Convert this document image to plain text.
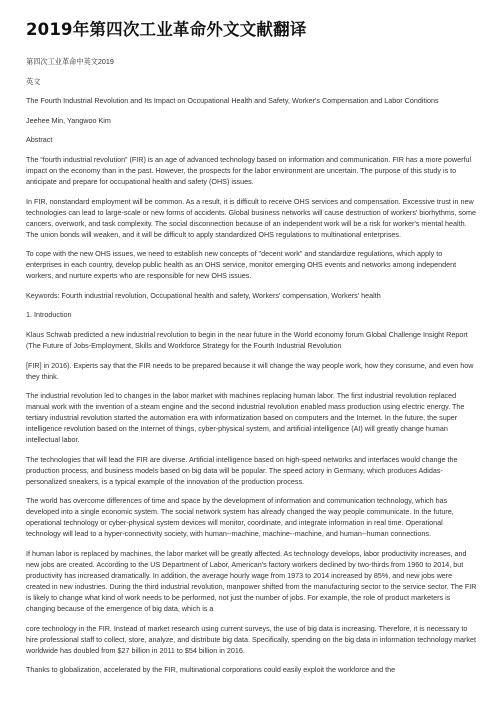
2019年第四次工业革命外文文献翻译

第四次工业革命中英文2019

英文

The Fourth Industrial Revolution and Its Impact on Occupational Health and Safety, Worker's Compensation and Labor Conditions

Jeehee Min, Yangwoo Kim

Abstract

The “fourth industrial revolution” (FIR) is an age of advanced technology based on information and communication. FIR has a more powerful impact on the economy than in the past. However, the prospects for the labor environment are uncertain. The purpose of this study is to anticipate and prepare for occupational health and safety (OHS) issues.

In FIR, nonstandard employment will be common. As a result, it is difficult to receive OHS services and compensation. Excessive trust in new technologies can lead to large-scale or new forms of accidents. Global business networks will cause destruction of workers' biorhythms, some cancers, overwork, and task complexity. The social disconnection because of an independent work will be a risk for worker's mental health. The union bonds will weaken, and it will be difficult to apply standardized OHS regulations to multinational enterprises.

To cope with the new OHS issues, we need to establish new concepts of "decent work" and standardize regulations, which apply to enterprises in each country, develop public health as an OHS service, monitor emerging OHS events and networks among independent workers, and nurture experts who are responsible for new OHS issues.

Keywords: Fourth industrial revolution, Occupational health and safety, Workers' compensation, Workers' health

1. Introduction

Klaus Schwab predicted a new industrial revolution to begin in the near future in the World economy forum Global Challenge Insight Report (The Future of Jobs-Employment, Skills and Workforce Strategy for the Fourth Industrial Revolution

[FIR] in 2016). Experts say that the FIR needs to be prepared because it will change the way people work, how they consume, and even how they think.

The industrial revolution led to changes in the labor market with machines replacing human labor. The first industrial revolution replaced manual work with the invention of a steam engine and the second industrial revolution enabled mass production using electric energy. The tertiary industrial revolution started the automation era with informatization based on computers and the Internet. In the future, the super intelligence revolution based on the Internet of things, cyber-physical system, and artificial intelligence (AI) will greatly change human intellectual labor.

The technologies that will lead the FIR are diverse. Artificial intelligence based on high-speed networks and interfaces would change the production process, and business models based on big data will be popular. The speed actory in Germany, which produces Adidas-personalized sneakers, is a typical example of the innovation of the production process.

The world has overcome differences of time and space by the development of information and communication technology, which has developed into a single economic system. The social network system has already changed the way people communicate. In the future, operational technology or cyber-physical system devices will monitor, coordinate, and integrate information in real time. Operational technology will lead to a hyper-connectivity society, with human--machine, machine--machine, and human--human connections.

If human labor is replaced by machines, the labor market will be greatly affected. As technology develops, labor productivity increases, and new jobs are created. According to the US Department of Labor, American's factory workers declined by two-thirds from 1960 to 2014, but productivity has increased dramatically. In addition, the average hourly wage from 1973 to 2014 increased by 85%, and new jobs were created in new industries. During the third industrial revolution, manpower shifted from the manufacturing sector to the service sector. The FIR is likely to change what kind of work needs to be performed, not just the number of jobs. For example, the role of product marketers is changing because of the emergence of big data, which is a

core technology in the FIR. Instead of market research using current surveys, the use of big data is increasing. Therefore, it is necessary to hire professional staff to collect, store, analyze, and distribute big data. Specifically, spending on the big data in information technology market worldwide has doubled from $27 billion in 2011 to $54 billion in 2016.

Thanks to globalization, accelerated by the FIR, multinational corporations could easily exploit the workforce and the
